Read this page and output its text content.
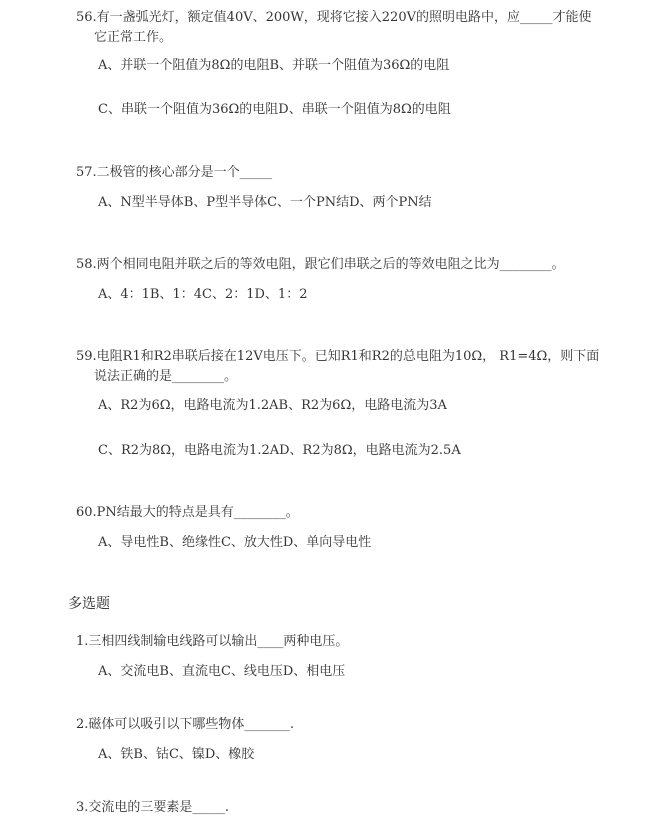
56.有一盏弧光灯，额定值40V、200W，现将它接入220V的照明电路中，应_____才能使
它正常工作。
A、并联一个阻值为8Ω的电阻B、并联一个阻值为36Ω的电阻
C、串联一个阻值为36Ω的电阻D、串联一个阻值为8Ω的电阻
57.二极管的核心部分是一个_____
A、N型半导体B、P型半导体C、一个PN结D、两个PN结
58.两个相同电阻并联之后的等效电阻，跟它们串联之后的等效电阻之比为________。
A、4：1B、1：4C、2：1D、1：2
59.电阻R1和R2串联后接在12V电压下。已知R1和R2的总电阻为10Ω， R1=4Ω，则下面
说法正确的是________。
A、R2为6Ω，电路电流为1.2AB、R2为6Ω，电路电流为3A
C、R2为8Ω，电路电流为1.2AD、R2为8Ω，电路电流为2.5A
60.PN结最大的特点是具有________。
A、导电性B、绝缘性C、放大性D、单向导电性
多选题
1.三相四线制输电线路可以输出____两种电压。
A、交流电B、直流电C、线电压D、相电压
2.磁体可以吸引以下哪些物体_______.
A、铁B、钴C、镍D、橡胶
3.交流电的三要素是_____.
